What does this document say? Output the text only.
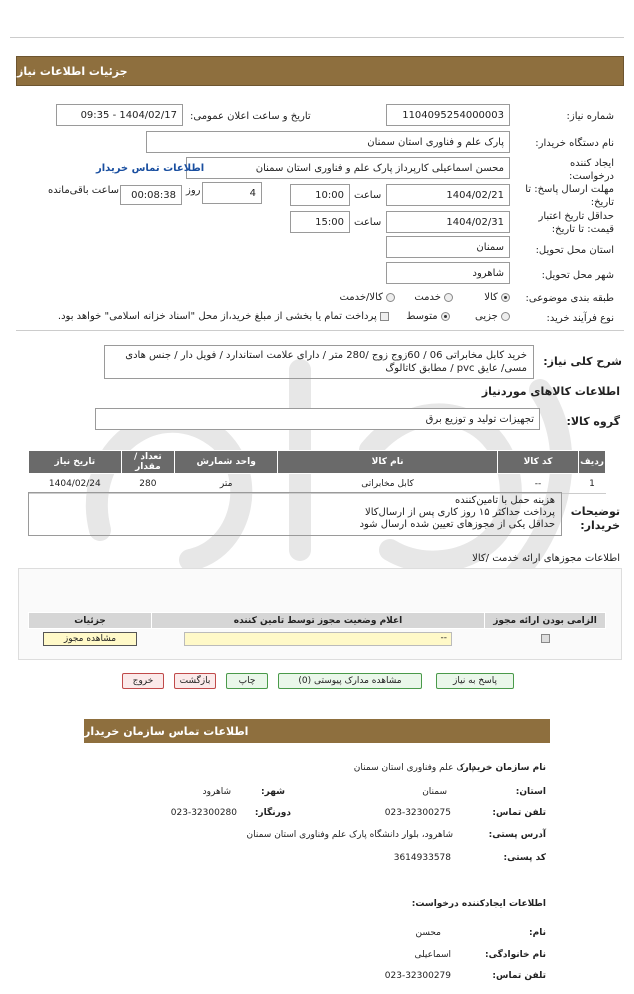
جزئیات اطلاعات نیاز
شماره نیاز:
1104095254000003
تاریخ و ساعت اعلان عمومی:
1404/02/17 - 09:35
نام دستگاه خریدار:
پارک علم و فناوری استان سمنان
ایجاد کننده
درخواست:
محسن اسماعیلی کارپرداز پارک علم و فناوری استان سمنان
اطلاعات تماس خریدار
مهلت ارسال پاسخ: تا
تاریخ:
1404/02/21
ساعت
10:00
4
روز
00:08:38
ساعت باقی‌مانده
حداقل تاریخ اعتبار
قیمت: تا تاریخ:
1404/02/31
ساعت
15:00
استان محل تحویل:
سمنان
شهر محل تحویل:
شاهرود
طبقه بندی موضوعی:
کالا  خدمت  کالا/خدمت
نوع فرآیند خرید:
جزیی  متوسط  پرداخت تمام یا بخشی از مبلغ خرید،از محل "اسناد خزانه اسلامی" خواهد بود.
شرح کلی نیاز:
خرید کابل مخابراتی 06 / 60زوج زوج /280 متر / دارای علامت استاندارد / فویل دار / جنس هادی مسی/ عایق pvc / مطابق کاتالوگ
اطلاعات کالاهای موردنیاز
گروه کالا:
تجهیزات تولید و توزیع برق
ردیف	کد کالا	نام کالا	واحد شمارش	تعداد / مقدار	تاریخ نیاز
1	--	کابل مخابراتی	متر	280	1404/02/24
توضیحات
خریدار:
هزینه حمل با تامین‌کننده
پرداخت حداکثر ۱۵ روز کاری پس از ارسال‌کالا
حداقل یکی از مجوزهای تعیین شده ارسال شود
اطلاعات مجوزهای ارائه خدمت /کالا
الزامی بودن ارائه مجوز	اعلام وضعیت مجوز توسط تامین کننده	جزئیات
	--	مشاهده مجوز
پاسخ به نیاز
مشاهده مدارک پیوستی (0)
چاپ
بازگشت
خروج
اطلاعات تماس سازمان خریدار
نام سازمان خریدار:
پارک علم وفناوری استان سمنان
استان:
سمنان
شهر:
شاهرود
تلفن تماس:
023-32300275
دورنگار:
023-32300280
آدرس پستی:
شاهرود، بلوار دانشگاه پارک علم وفناوری استان سمنان
کد پستی:
3614933578
اطلاعات ایجادکننده درخواست:
نام:
محسن
نام خانوادگی:
اسماعیلی
تلفن تماس:
023-32300279
